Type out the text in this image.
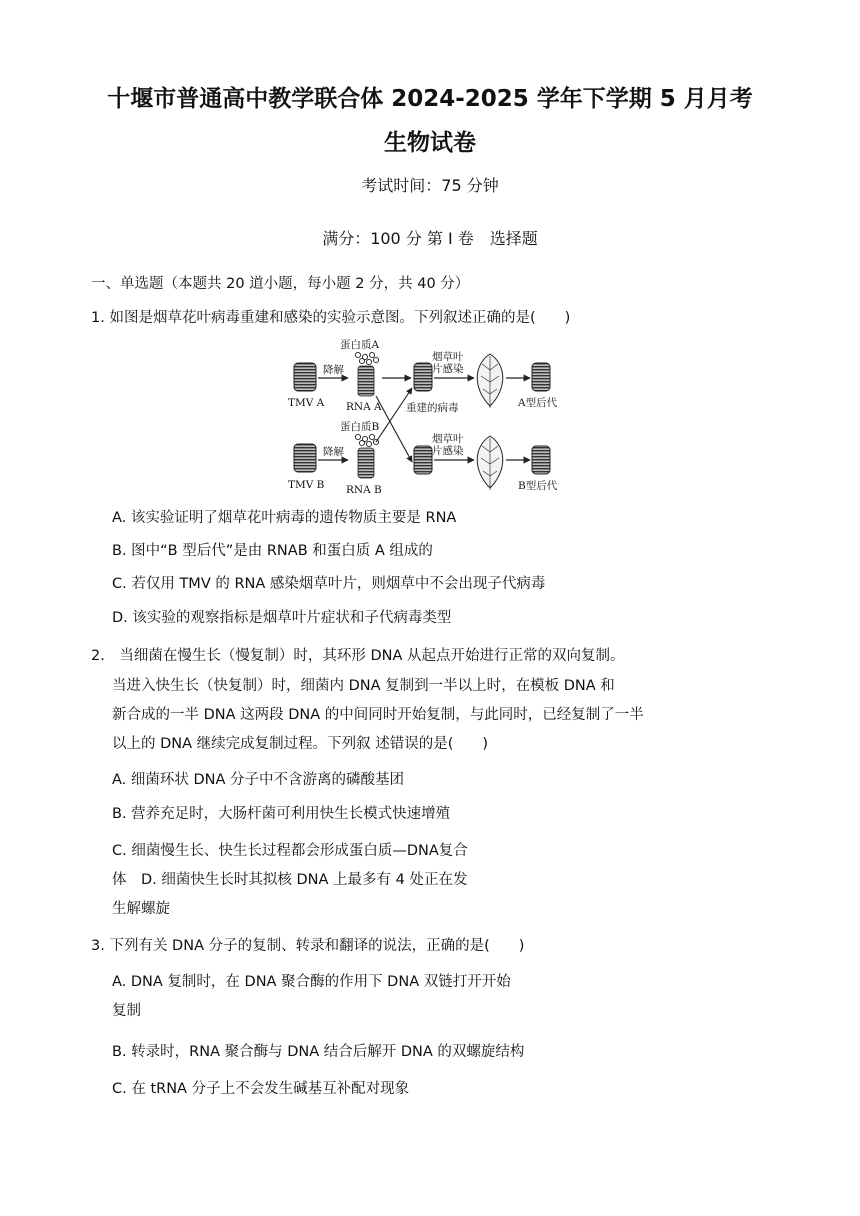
十堰市普通高中教学联合体 2024-2025 学年下学期 5 月月考
生物试卷
考试时间：75 分钟
满分：100 分 第 Ⅰ 卷　选择题
一、单选题（本题共 20 道小题，每小题 2 分，共 40 分）
1. 如图是烟草花叶病毒重建和感染的实验示意图。下列叙述正确的是(　　)
TMV A
降解
蛋白质A
RNA A
烟草叶
片感染
A型后代
重建的病毒
TMV B
降解
蛋白质B
RNA B
烟草叶
片感染
B型后代
A. 该实验证明了烟草花叶病毒的遗传物质主要是 RNA
B. 图中“B 型后代”是由 RNAB 和蛋白质 A 组成的
C. 若仅用 TMV 的 RNA 感染烟草叶片，则烟草中不会出现子代病毒
D. 该实验的观察指标是烟草叶片症状和子代病毒类型
2.　当细菌在慢生长（慢复制）时，其环形 DNA 从起点开始进行正常的双向复制。
当进入快生长（快复制）时，细菌内 DNA 复制到一半以上时，在模板 DNA 和
新合成的一半 DNA 这两段 DNA 的中间同时开始复制，与此同时，已经复制了一半
以上的 DNA 继续完成复制过程。下列叙 述错误的是(　　)
A. 细菌环状 DNA 分子中不含游离的磷酸基团
B. 营养充足时，大肠杆菌可利用快生长模式快速增殖
C. 细菌慢生长、快生长过程都会形成蛋白质—DNA复合
体　D. 细菌快生长时其拟核 DNA 上最多有 4 处正在发
生解螺旋
3. 下列有关 DNA 分子的复制、转录和翻译的说法，正确的是(　　)
A. DNA 复制时，在 DNA 聚合酶的作用下 DNA 双链打开开始
复制
B. 转录时，RNA 聚合酶与 DNA 结合后解开 DNA 的双螺旋结构
C. 在 tRNA 分子上不会发生碱基互补配对现象
